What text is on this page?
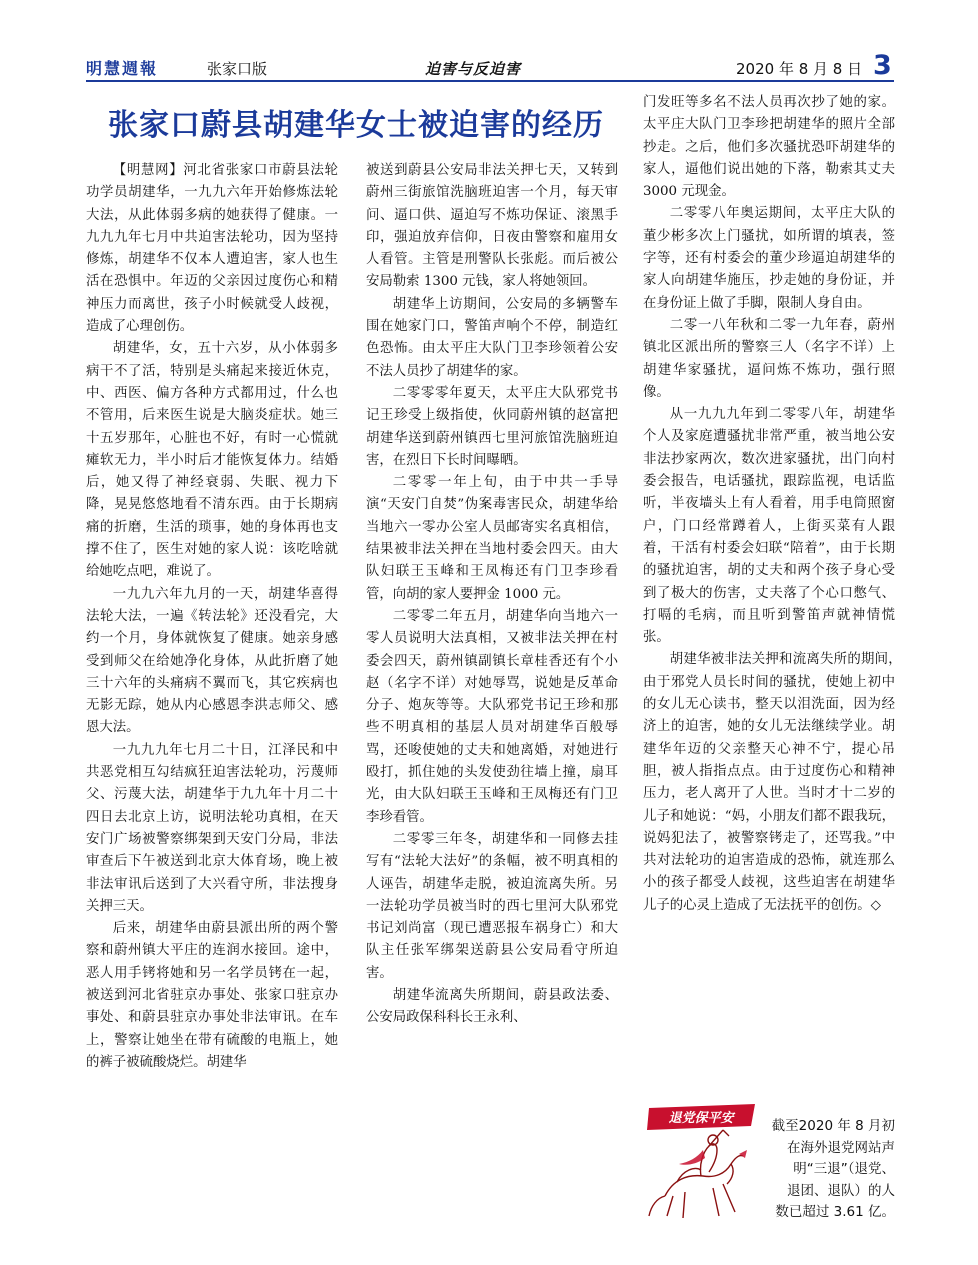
明慧週報	张家口版	迫害与反迫害	2020 年 8 月 8 日 3
张家口蔚县胡建华女士被迫害的经历

【明慧网】河北省张家口市蔚县法轮功学员胡建华，一九九六年开始修炼法轮大法，从此体弱多病的她获得了健康。一九九九年七月中共迫害法轮功，因为坚持修炼，胡建华不仅本人遭迫害，家人也生活在恐惧中。年迈的父亲因过度伤心和精神压力而离世，孩子小时候就受人歧视，造成了心理创伤。

胡建华，女，五十六岁，从小体弱多病干不了活，特别是头痛起来接近休克，中、西医、偏方各种方式都用过，什么也不管用，后来医生说是大脑炎症状。她三十五岁那年，心脏也不好，有时一心慌就瘫软无力，半小时后才能恢复体力。结婚后，她又得了神经衰弱、失眠、视力下降，晃晃悠悠地看不清东西。由于长期病痛的折磨，生活的琐事，她的身体再也支撑不住了，医生对她的家人说：该吃啥就给她吃点吧，难说了。

一九九六年九月的一天，胡建华喜得法轮大法，一遍《转法轮》还没看完，大约一个月，身体就恢复了健康。她亲身感受到师父在给她净化身体，从此折磨了她三十六年的头痛病不翼而飞，其它疾病也无影无踪，她从内心感恩李洪志师父、感恩大法。

一九九九年七月二十日，江泽民和中共恶党相互勾结疯狂迫害法轮功，污蔑师父、污蔑大法，胡建华于九九年十月二十四日去北京上访，说明法轮功真相，在天安门广场被警察绑架到天安门分局，非法审查后下午被送到北京大体育场，晚上被非法审讯后送到了大兴看守所，非法搜身关押三天。

后来，胡建华由蔚县派出所的两个警察和蔚州镇大平庄的连润水接回。途中，恶人用手铐将她和另一名学员铐在一起，被送到河北省驻京办事处、张家口驻京办事处、和蔚县驻京办事处非法审讯。在车上，警察让她坐在带有硫酸的电瓶上，她的裤子被硫酸烧烂。胡建华

被送到蔚县公安局非法关押七天，又转到蔚州三街旅馆洗脑班迫害一个月，每天审问、逼口供、逼迫写不炼功保证、滚黑手印，强迫放弃信仰，日夜由警察和雇用女人看管。主管是刑警队长张彪。而后被公安局勒索 1300 元钱，家人将她领回。

胡建华上访期间，公安局的多辆警车围在她家门口，警笛声响个不停，制造红色恐怖。由太平庄大队门卫李珍领着公安不法人员抄了胡建华的家。

二零零零年夏天，太平庄大队邪党书记王珍受上级指使，伙同蔚州镇的赵富把胡建华送到蔚州镇西七里河旅馆洗脑班迫害，在烈日下长时间曝晒。

二零零一年上旬，由于中共一手导演“天安门自焚”伪案毒害民众，胡建华给当地六一零办公室人员邮寄实名真相信，结果被非法关押在当地村委会四天。由大队妇联王玉峰和王凤梅还有门卫李珍看管，向胡的家人要押金 1000 元。

二零零二年五月，胡建华向当地六一零人员说明大法真相，又被非法关押在村委会四天，蔚州镇副镇长章桂香还有个小赵（名字不详）对她辱骂，说她是反革命分子、炮灰等等。大队邪党书记王珍和那些不明真相的基层人员对胡建华百般辱骂，还唆使她的丈夫和她离婚，对她进行殴打，抓住她的头发使劲往墙上撞，扇耳光，由大队妇联王玉峰和王凤梅还有门卫李珍看管。

二零零三年冬，胡建华和一同修去挂写有“法轮大法好”的条幅，被不明真相的人诬告，胡建华走脱，被迫流离失所。另一法轮功学员被当时的西七里河大队邪党书记刘尚富（现已遭恶报车祸身亡）和大队主任张军绑架送蔚县公安局看守所迫害。

胡建华流离失所期间，蔚县政法委、公安局政保科科长王永利、

门发旺等多名不法人员再次抄了她的家。太平庄大队门卫李珍把胡建华的照片全部抄走。之后，他们多次骚扰恐吓胡建华的家人，逼他们说出她的下落，勒索其丈夫 3000 元现金。

二零零八年奥运期间，太平庄大队的董少彬多次上门骚扰，如所谓的填表，签字等，还有村委会的董少珍逼迫胡建华的家人向胡建华施压，抄走她的身份证，并在身份证上做了手脚，限制人身自由。

二零一八年秋和二零一九年春，蔚州镇北区派出所的警察三人（名字不详）上胡建华家骚扰，逼问炼不炼功，强行照像。

从一九九九年到二零零八年，胡建华个人及家庭遭骚扰非常严重，被当地公安非法抄家两次，数次进家骚扰，出门向村委会报告，电话骚扰，跟踪监视，电话监听，半夜墙头上有人看着，用手电筒照窗户，门口经常蹲着人，上街买菜有人跟着，干活有村委会妇联“陪着”，由于长期的骚扰迫害，胡的丈夫和两个孩子身心受到了极大的伤害，丈夫落了个心口憋气、打嗝的毛病，而且听到警笛声就神情慌张。

胡建华被非法关押和流离失所的期间，　由于邪党人员长时间的骚扰，使她上初中的女儿无心读书，整天以泪洗面，因为经济上的迫害，她的女儿无法继续学业。胡建华年迈的父亲整天心神不宁，提心吊胆，被人指指点点。由于过度伤心和精神压力，老人离开了人世。当时才十二岁的儿子和她说：“妈，小朋友们都不跟我玩，说妈犯法了，被警察铐走了，还骂我。”中共对法轮功的迫害造成的恐怖，就连那么小的孩子都受人歧视，这些迫害在胡建华儿子的心灵上造成了无法抚平的创伤。◇

退党保平安	截至2020 年 8 月初
在海外退党网站声
明“三退”（退党、
退团、退队）的人
数已超过 3.61 亿。
